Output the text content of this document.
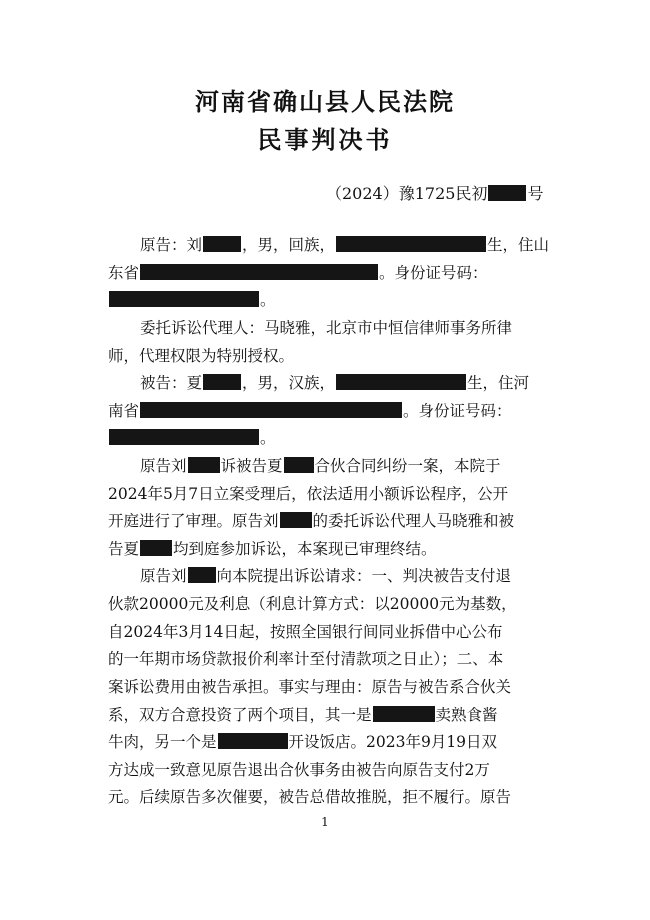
河南省确山县人民法院
民事判决书
（2024）豫1725民初	号
原告：刘	，男，回族，	生，住山
东省	。身份证号码：
。
委托诉讼代理人：马晓雅，北京市中恒信律师事务所律
师，代理权限为特别授权。
被告：夏	，男，汉族，	生，住河
南省	。身份证号码：
。
原告刘 诉被告夏 合伙合同纠纷一案，本院于
2024年5月7日立案受理后，依法适用小额诉讼程序，公开
开庭进行了审理。原告刘 的委托诉讼代理人马晓雅和被
告夏 均到庭参加诉讼，本案现已审理终结。
原告刘 向本院提出诉讼请求：一、判决被告支付退
伙款20000元及利息（利息计算方式：以20000元为基数，
自2024年3月14日起，按照全国银行间同业拆借中心公布
的一年期市场贷款报价利率计至付清款项之日止）；二、本
案诉讼费用由被告承担。事实与理由：原告与被告系合伙关
系，双方合意投资了两个项目，其一是	卖熟食酱
牛肉，另一个是	开设饭店。2023年9月19日双
方达成一致意见原告退出合伙事务由被告向原告支付2万
元。后续原告多次催要，被告总借故推脱，拒不履行。原告
1
